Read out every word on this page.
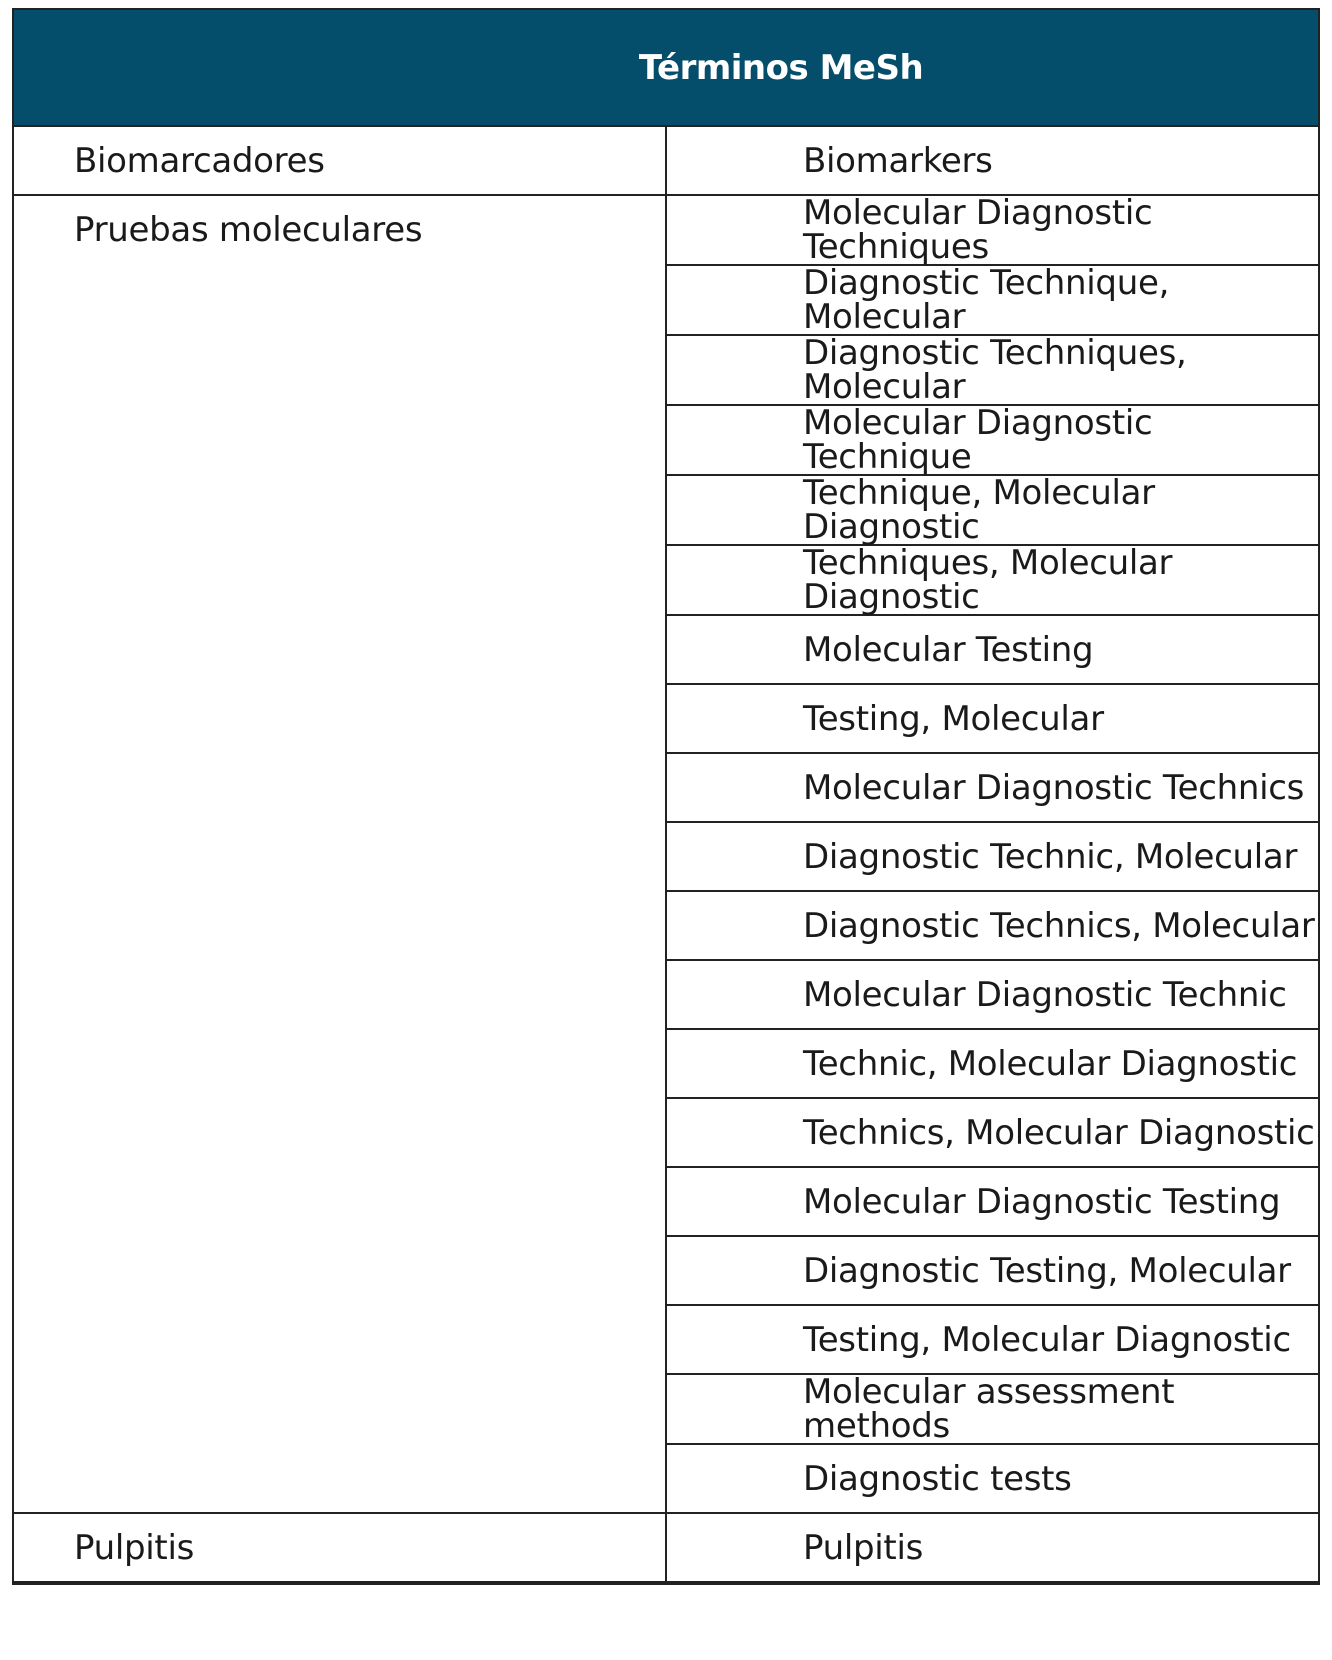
Términos MeSh	
Biomarcadores	Biomarkers
Pruebas moleculares	Molecular Diagnostic Techniques
	Diagnostic Technique, Molecular
	Diagnostic Techniques, Molecular
	Molecular Diagnostic Technique
	Technique, Molecular Diagnostic
	Techniques, Molecular Diagnostic
	Molecular Testing
	Testing, Molecular
	Molecular Diagnostic Technics
	Diagnostic Technic, Molecular
	Diagnostic Technics, Molecular
	Molecular Diagnostic Technic
	Technic, Molecular Diagnostic
	Technics, Molecular Diagnostic
	Molecular Diagnostic Testing
	Diagnostic Testing, Molecular
	Testing, Molecular Diagnostic
	Molecular assessment methods
	Diagnostic tests
Pulpitis	Pulpitis
